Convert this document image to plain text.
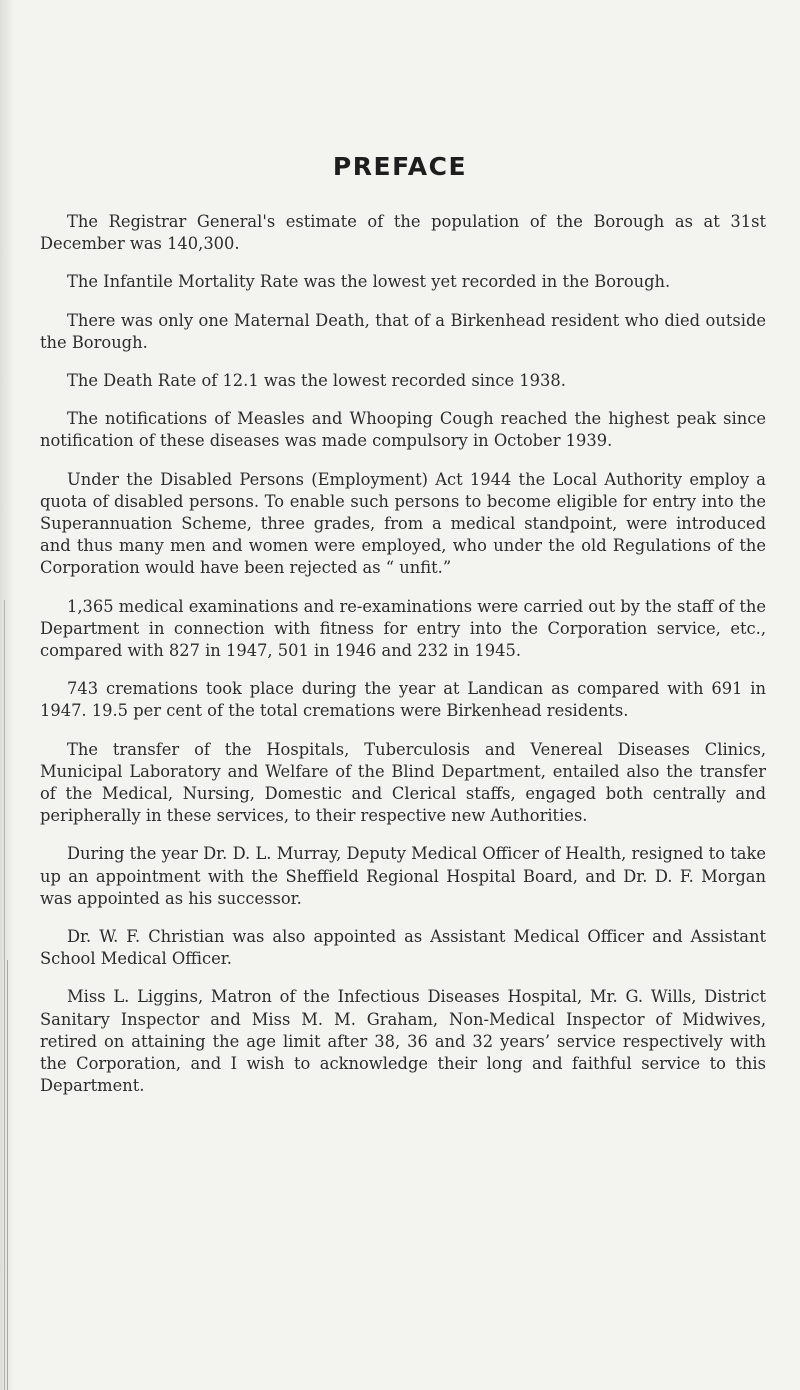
PREFACE

The Registrar General's estimate of the population of the Borough as at 31st December was 140,300.

The Infantile Mortality Rate was the lowest yet recorded in the Borough.

There was only one Maternal Death, that of a Birkenhead resident who died outside the Borough.

The Death Rate of 12.1 was the lowest recorded since 1938.

The notifications of Measles and Whooping Cough reached the highest peak since notification of these diseases was made compulsory in October 1939.

Under the Disabled Persons (Employment) Act 1944 the Local Authority employ a quota of disabled persons. To enable such persons to become eligible for entry into the Superannuation Scheme, three grades, from a medical standpoint, were introduced and thus many men and women were employed, who under the old Regulations of the Corporation would have been rejected as “ unfit.”

1,365 medical examinations and re-examinations were carried out by the staff of the Department in connection with fitness for entry into the Corporation service, etc., compared with 827 in 1947, 501 in 1946 and 232 in 1945.

743 cremations took place during the year at Landican as compared with 691 in 1947. 19.5 per cent of the total cremations were Birkenhead residents.

The transfer of the Hospitals, Tuberculosis and Venereal Diseases Clinics, Municipal Laboratory and Welfare of the Blind Department, entailed also the transfer of the Medical, Nursing, Domestic and Clerical staffs, engaged both centrally and peripherally in these services, to their respective new Authorities.

During the year Dr. D. L. Murray, Deputy Medical Officer of Health, resigned to take up an appointment with the Sheffield Regional Hospital Board, and Dr. D. F. Morgan was appointed as his successor.

Dr. W. F. Christian was also appointed as Assistant Medical Officer and Assistant School Medical Officer.

Miss L. Liggins, Matron of the Infectious Diseases Hospital, Mr. G. Wills, District Sanitary Inspector and Miss M. M. Graham, Non-Medical Inspector of Midwives, retired on attaining the age limit after 38, 36 and 32 years’ service respectively with the Corporation, and I wish to acknowledge their long and faithful service to this Department.
